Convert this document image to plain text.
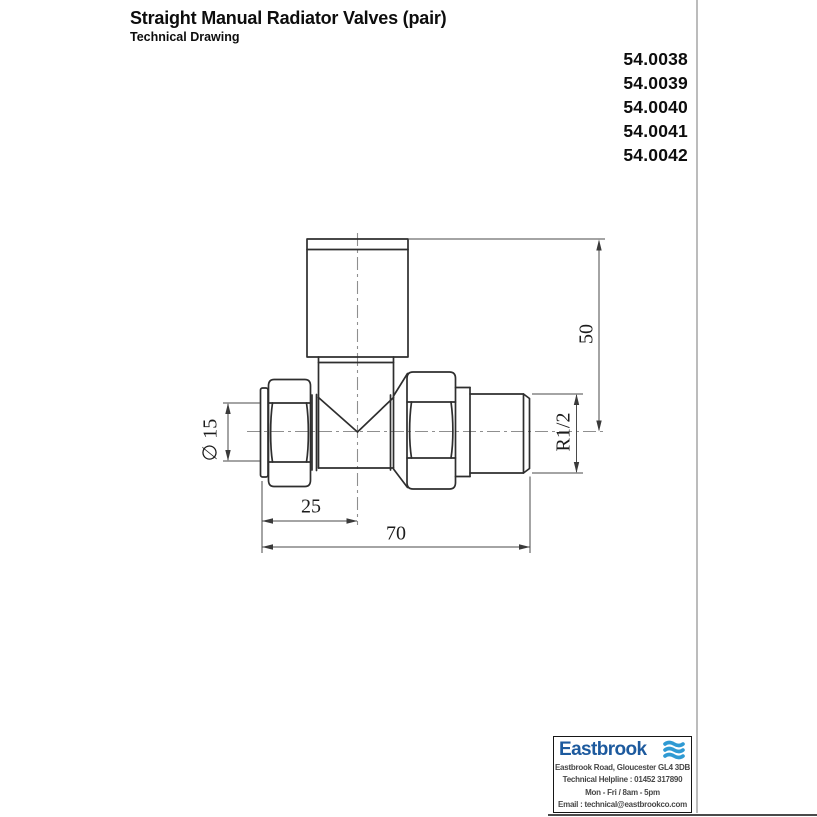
Straight Manual Radiator Valves (pair)
Technical Drawing
54.0038
54.0039
54.0040
54.0041
54.0042
50
R1/2
∅ 15
25
70
Eastbrook
Eastbrook Road, Gloucester GL4 3DB
Technical Helpline : 01452 317890
Mon - Fri / 8am - 5pm
Email : technical@eastbrookco.com
